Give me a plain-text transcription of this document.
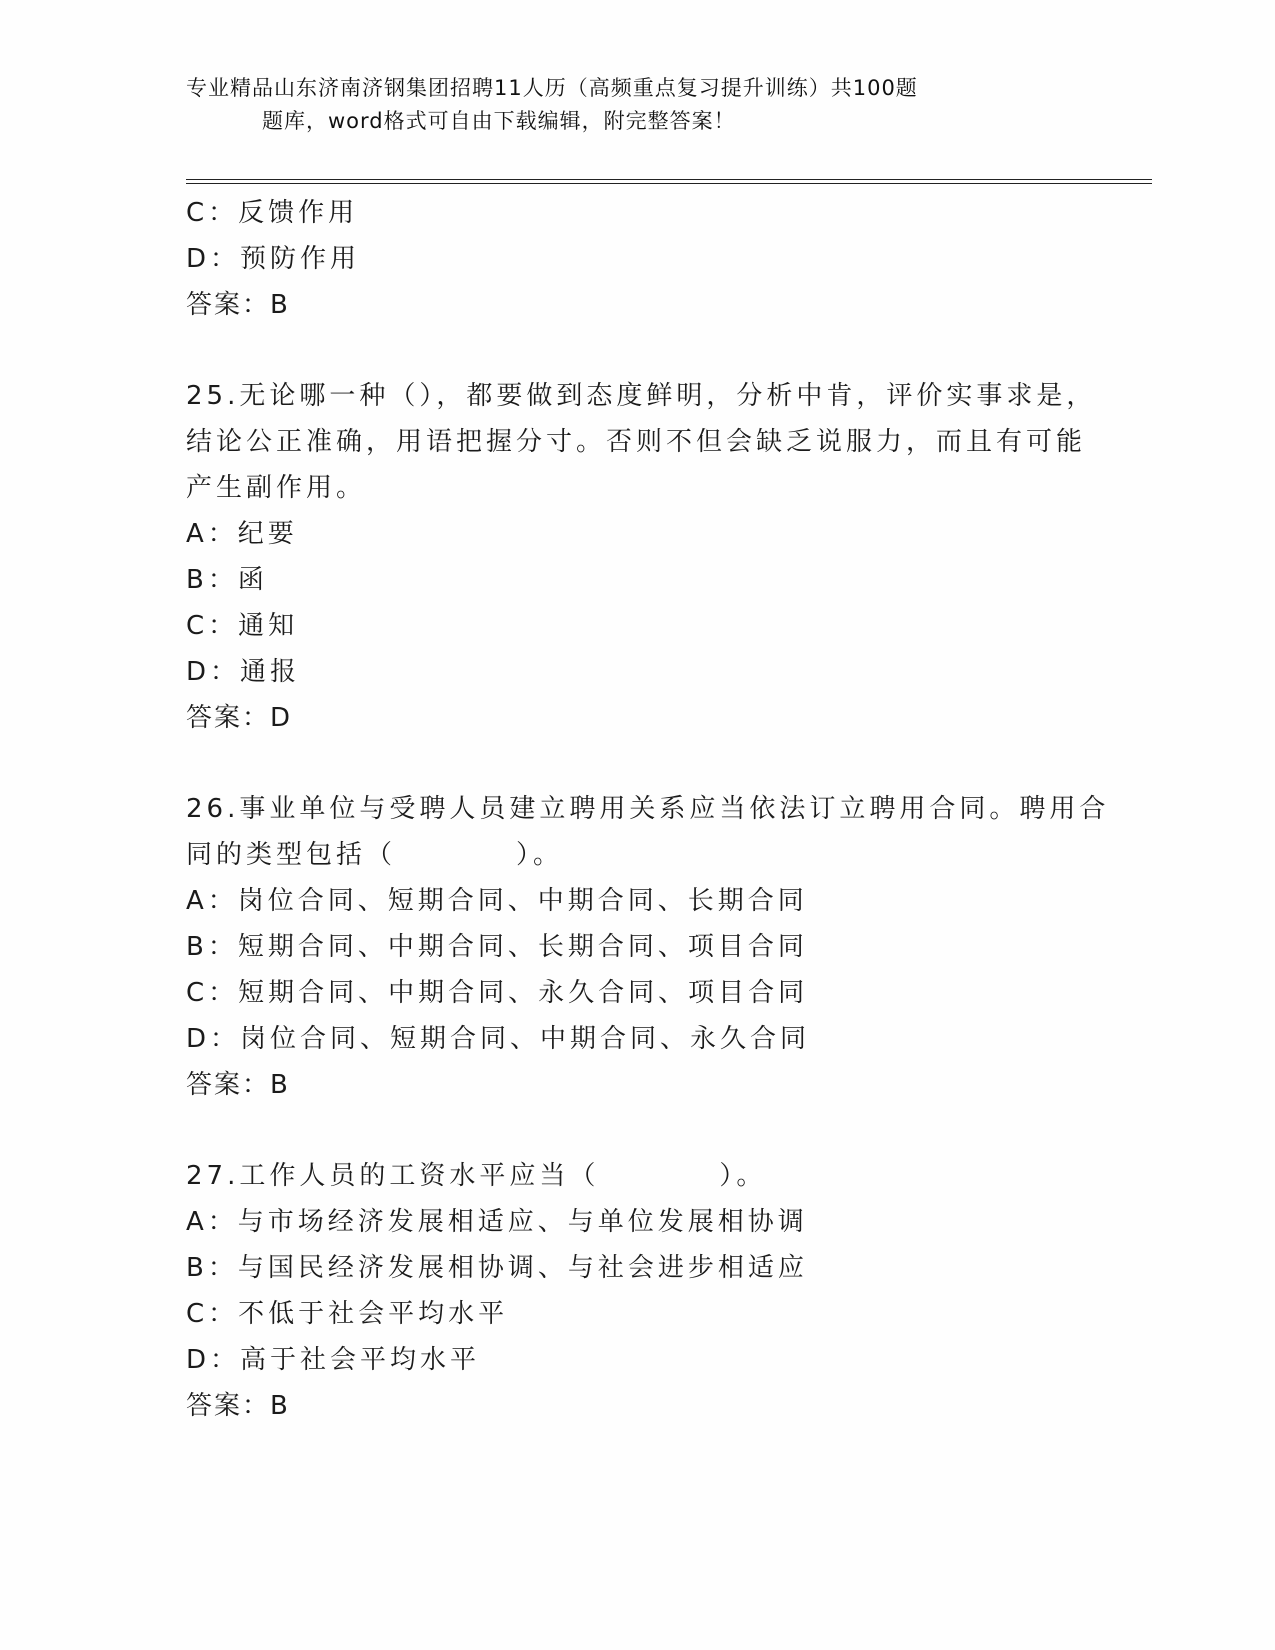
专业精品山东济南济钢集团招聘11人历（高频重点复习提升训练）共100题
题库，word格式可自由下载编辑，附完整答案！
C：反馈作用
D：预防作用
答案：B
25.无论哪一种（），都要做到态度鲜明，分析中肯，评价实事求是，
结论公正准确，用语把握分寸。否则不但会缺乏说服力，而且有可能
产生副作用。
A：纪要
B：函
C：通知
D：通报
答案：D
26.事业单位与受聘人员建立聘用关系应当依法订立聘用合同。聘用合
同的类型包括（　　　　）。
A：岗位合同、短期合同、中期合同、长期合同
B：短期合同、中期合同、长期合同、项目合同
C：短期合同、中期合同、永久合同、项目合同
D：岗位合同、短期合同、中期合同、永久合同
答案：B
27.工作人员的工资水平应当（　　　　）。
A：与市场经济发展相适应、与单位发展相协调
B：与国民经济发展相协调、与社会进步相适应
C：不低于社会平均水平
D：高于社会平均水平
答案：B
